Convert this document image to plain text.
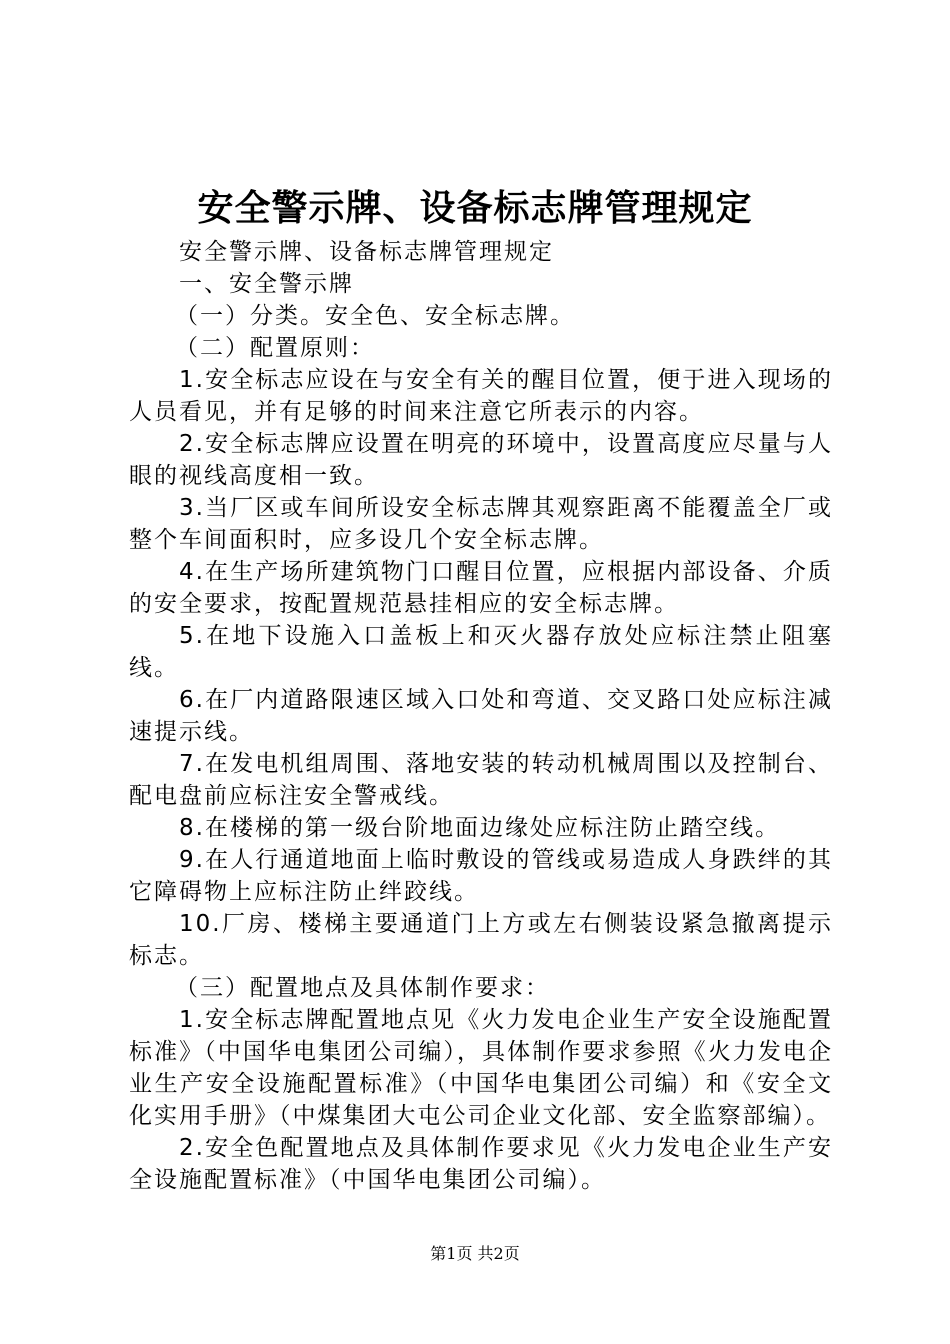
安全警示牌、设备标志牌管理规定

安全警示牌、设备标志牌管理规定

一、安全警示牌

（一）分类。安全色、安全标志牌。

（二）配置原则：

1.安全标志应设在与安全有关的醒目位置，便于进入现场的人员看见，并有足够的时间来注意它所表示的内容。

2.安全标志牌应设置在明亮的环境中，设置高度应尽量与人眼的视线高度相一致。

3.当厂区或车间所设安全标志牌其观察距离不能覆盖全厂或整个车间面积时，应多设几个安全标志牌。

4.在生产场所建筑物门口醒目位置，应根据内部设备、介质的安全要求，按配置规范悬挂相应的安全标志牌。

5.在地下设施入口盖板上和灭火器存放处应标注禁止阻塞线。

6.在厂内道路限速区域入口处和弯道、交叉路口处应标注减速提示线。

7.在发电机组周围、落地安装的转动机械周围以及控制台、配电盘前应标注安全警戒线。

8.在楼梯的第一级台阶地面边缘处应标注防止踏空线。

9.在人行通道地面上临时敷设的管线或易造成人身跌绊的其它障碍物上应标注防止绊跤线。

10.厂房、楼梯主要通道门上方或左右侧装设紧急撤离提示标志。

（三）配置地点及具体制作要求：

1.安全标志牌配置地点见《火力发电企业生产安全设施配置标准》（中国华电集团公司编），具体制作要求参照《火力发电企业生产安全设施配置标准》（中国华电集团公司编）和《安全文化实用手册》（中煤集团大屯公司企业文化部、安全监察部编）。

2.安全色配置地点及具体制作要求见《火力发电企业生产安全设施配置标准》（中国华电集团公司编）。

第1页 共2页
